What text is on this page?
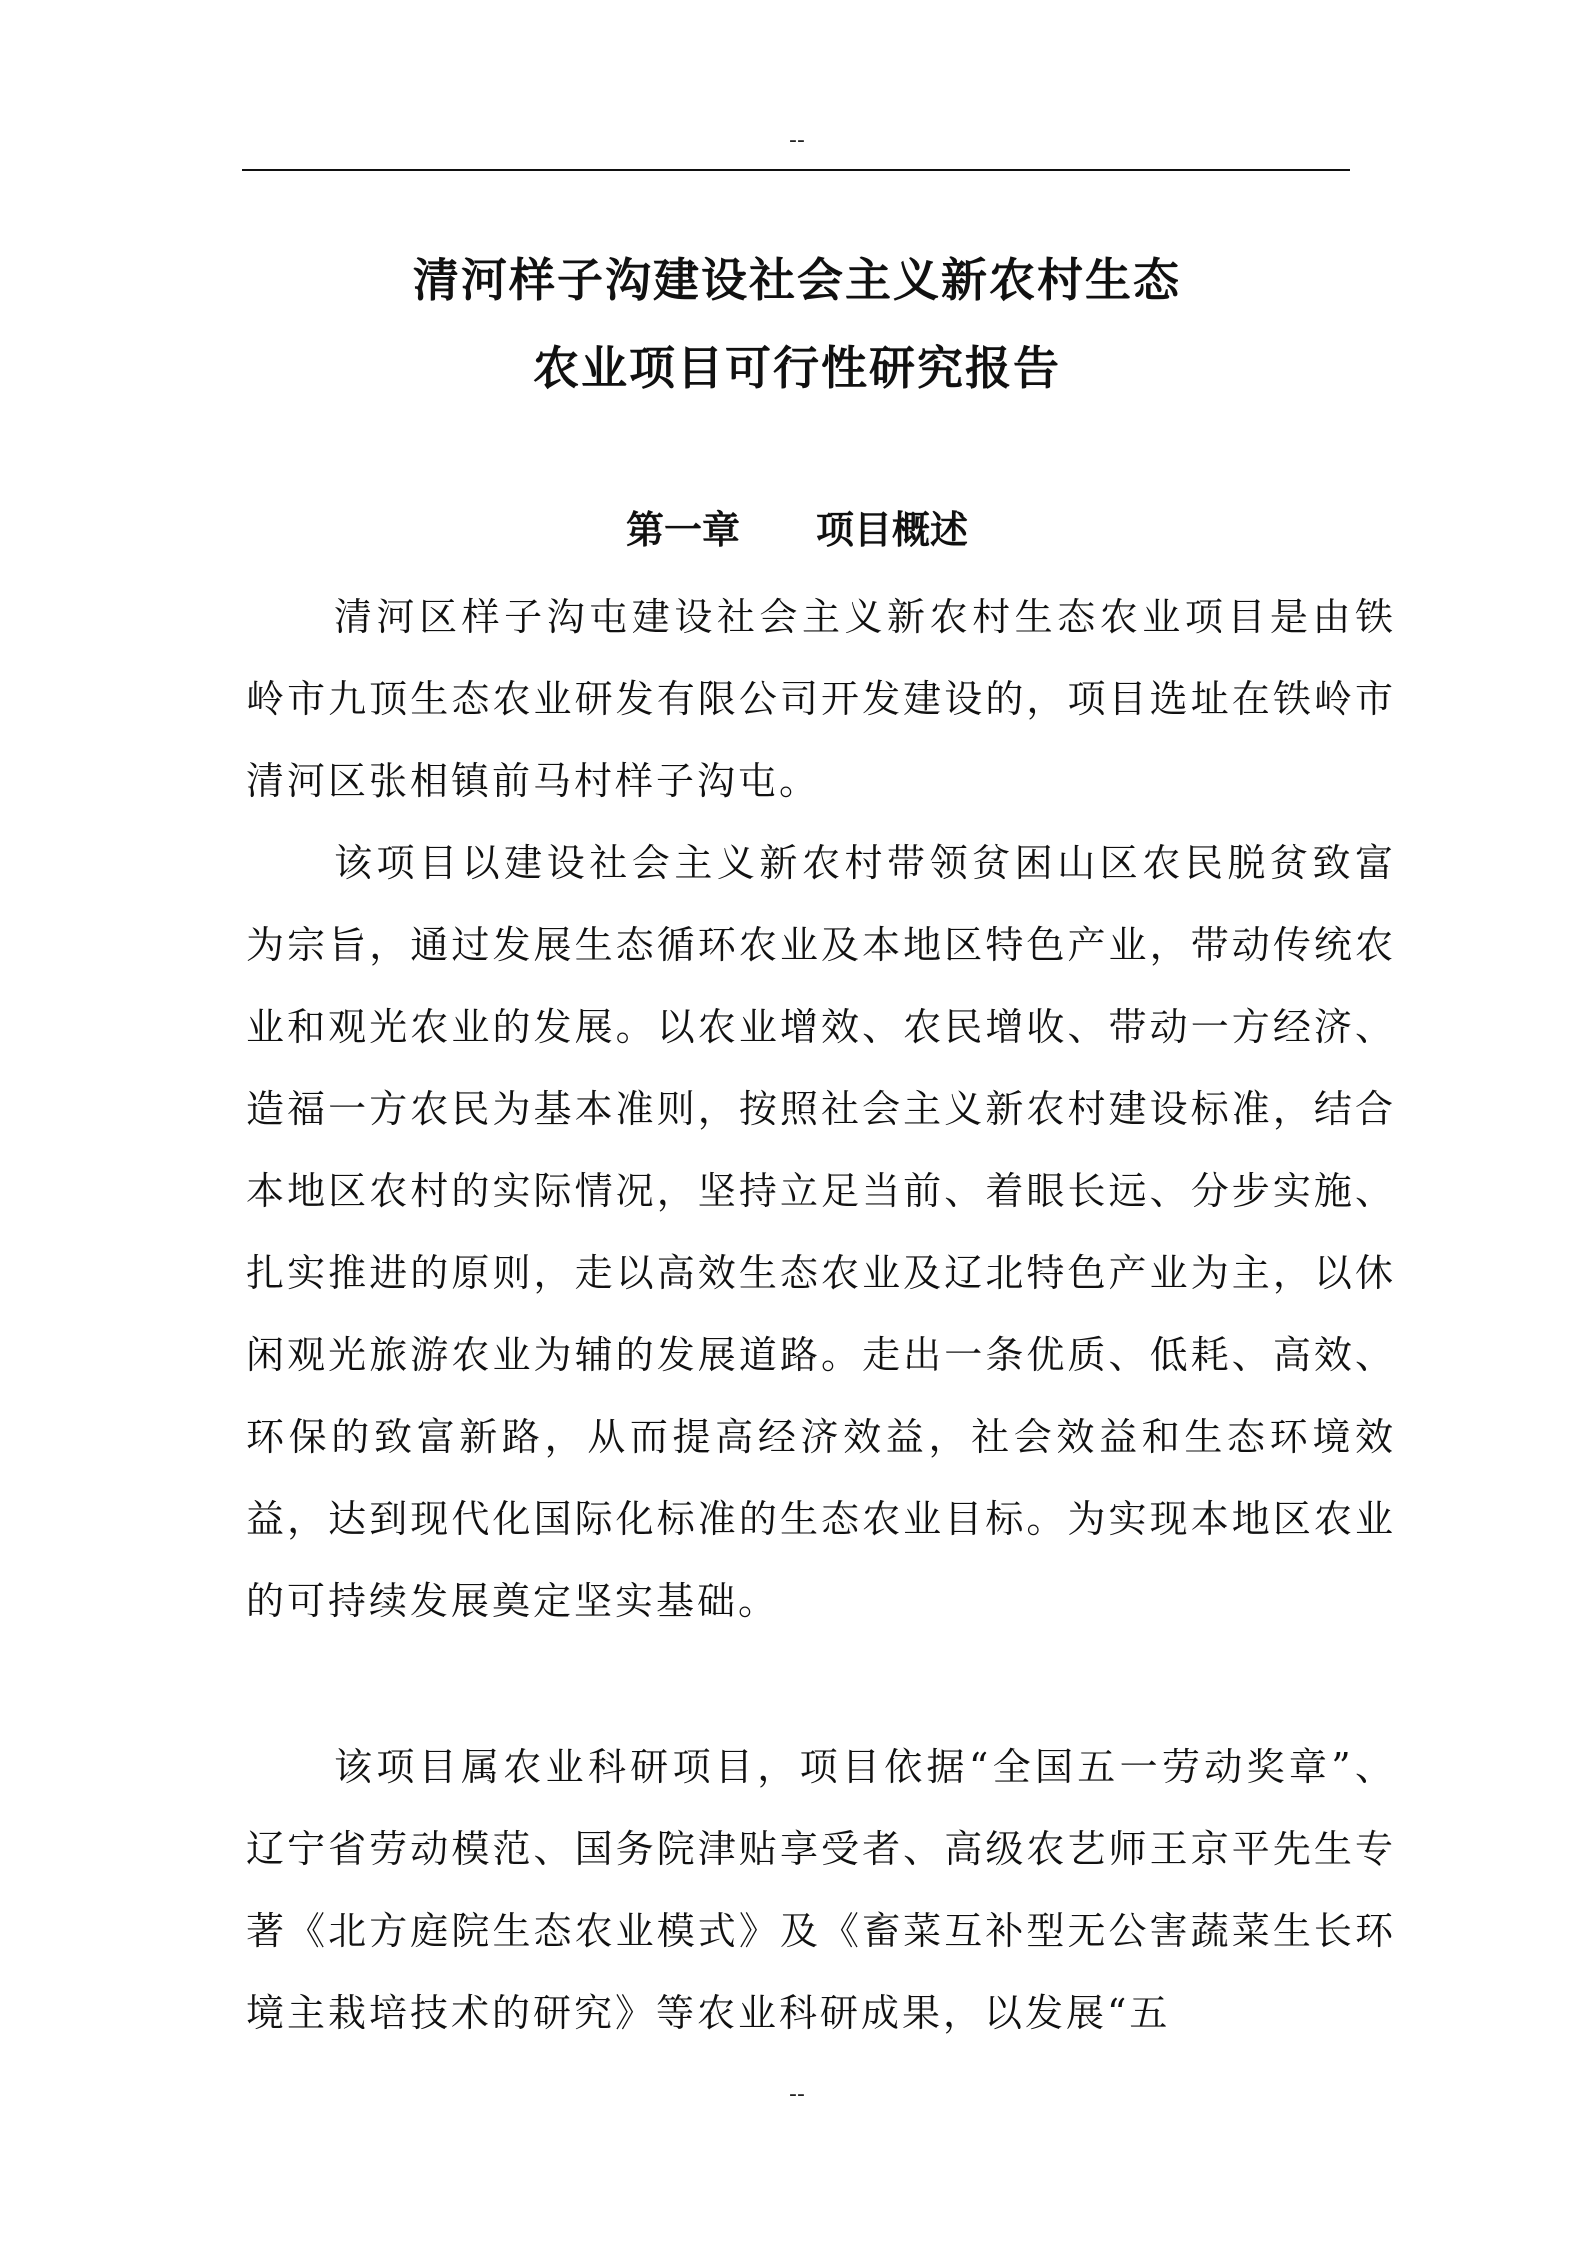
--
清河样子沟建设社会主义新农村生态
农业项目可行性研究报告
第一章　　项目概述

清河区样子沟屯建设社会主义新农村生态农业项目是由铁岭市九顶生态农业研发有限公司开发建设的，项目选址在铁岭市清河区张相镇前马村样子沟屯。

该项目以建设社会主义新农村带领贫困山区农民脱贫致富为宗旨，通过发展生态循环农业及本地区特色产业，带动传统农业和观光农业的发展。以农业增效、农民增收、带动一方经济、造福一方农民为基本准则，按照社会主义新农村建设标准，结合本地区农村的实际情况，坚持立足当前、着眼长远、分步实施、扎实推进的原则，走以高效生态农业及辽北特色产业为主，以休闲观光旅游农业为辅的发展道路。走出一条优质、低耗、高效、环保的致富新路，从而提高经济效益，社会效益和生态环境效益，达到现代化国际化标准的生态农业目标。为实现本地区农业的可持续发展奠定坚实基础。

该项目属农业科研项目，项目依据“全国五一劳动奖章”、辽宁省劳动模范、国务院津贴享受者、高级农艺师王京平先生专著《北方庭院生态农业模式》及《畜菜互补型无公害蔬菜生长环境主栽培技术的研究》等农业科研成果，以发展“五

--
